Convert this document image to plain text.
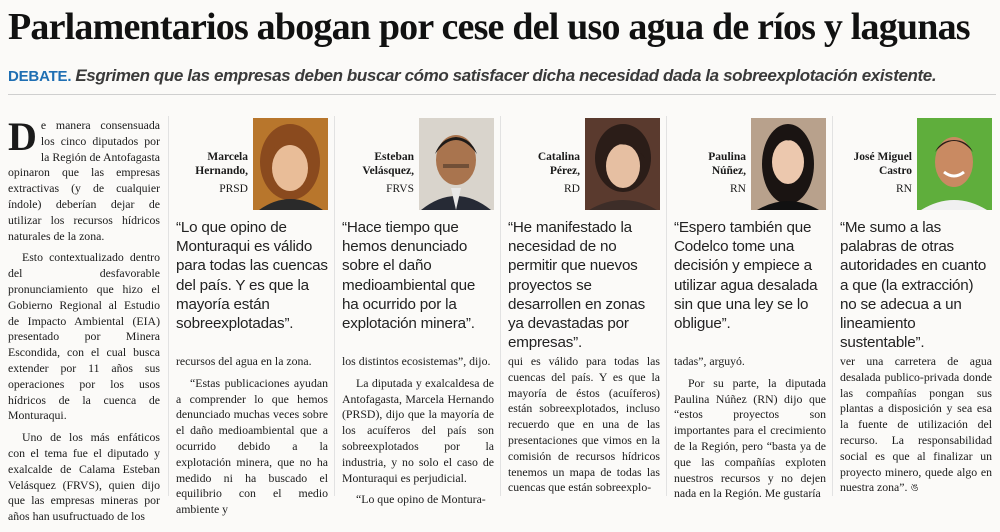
Parlamentarios abogan por cese del uso agua de ríos y lagunas
DEBATE. Esgrimen que las empresas deben buscar cómo satisfacer dicha necesidad dada la sobreexplotación existente.

De manera consensuada los cinco diputados por la Región de Antofagasta opinaron que las empresas extractivas (y de cualquier índole) deberían dejar de utilizar los recursos hídricos naturales de la zona.

Esto contextualizado dentro del desfavorable pronunciamiento que hizo el Gobierno Regional al Estudio de Impacto Ambiental (EIA) presentado por Minera Escondida, con el cual busca extender por 11 años sus operaciones por los usos hídricos de la cuenca de Monturaqui.

Uno de los más enfáticos con el tema fue el diputado y exalcalde de Calama Esteban Velásquez (FRVS), quien dijo que las empresas mineras por años han usufructuado de los

Marcela Hernando,
PRSD
“Lo que opino de Monturaqui es válido para todas las cuencas del país. Y es que la mayoría están sobreexplotadas”.

recursos del agua en la zona.

“Estas publicaciones ayudan a comprender lo que hemos denunciado muchas veces sobre el daño medioambiental que a ocurrido debido a la explotación minera, que no ha medido ni ha buscado el equilibrio con el medio ambiente y

Esteban Velásquez,
FRVS
“Hace tiempo que hemos denunciado sobre el daño medioambiental que ha ocurrido por la explotación minera”.

los distintos ecosistemas”, dijo.

La diputada y exalcaldesa de Antofagasta, Marcela Hernando (PRSD), dijo que la mayoría de los acuíferos del país son sobreexplotados por la industria, y no solo el caso de Monturaqui es perjudicial.

“Lo que opino de Montura-

Catalina Pérez,
RD
“He manifestado la necesidad de no permitir que nuevos proyectos se desarrollen en zonas ya devastadas por empresas”.

qui es válido para todas las cuencas del país. Y es que la mayoría de éstos (acuíferos) están sobreexplotados, incluso recuerdo que en una de las presentaciones que vimos en la comisión de recursos hídricos tenemos un mapa de todas las cuencas que están sobreexplo-

Paulina Núñez,
RN
“Espero también que Codelco tome una decisión y empiece a utilizar agua desalada sin que una ley se lo obligue”.

tadas”, arguyó.

Por su parte, la diputada Paulina Núñez (RN) dijo que “estos proyectos son importantes para el crecimiento de la Región, pero “basta ya de que las compañías exploten nuestros recursos y no dejen nada en la Región. Me gustaría

José Miguel Castro
RN
“Me sumo a las palabras de otras autoridades en cuanto a que (la extracción) no se adecua a un lineamiento sustentable”.

ver una carretera de agua desalada publico-privada donde las compañías pongan sus plantas a disposición y sea esa la fuente de utilización del recurso. La responsabilidad social es que al finalizar un proyecto minero, quede algo en nuestra zona”. ঙ
